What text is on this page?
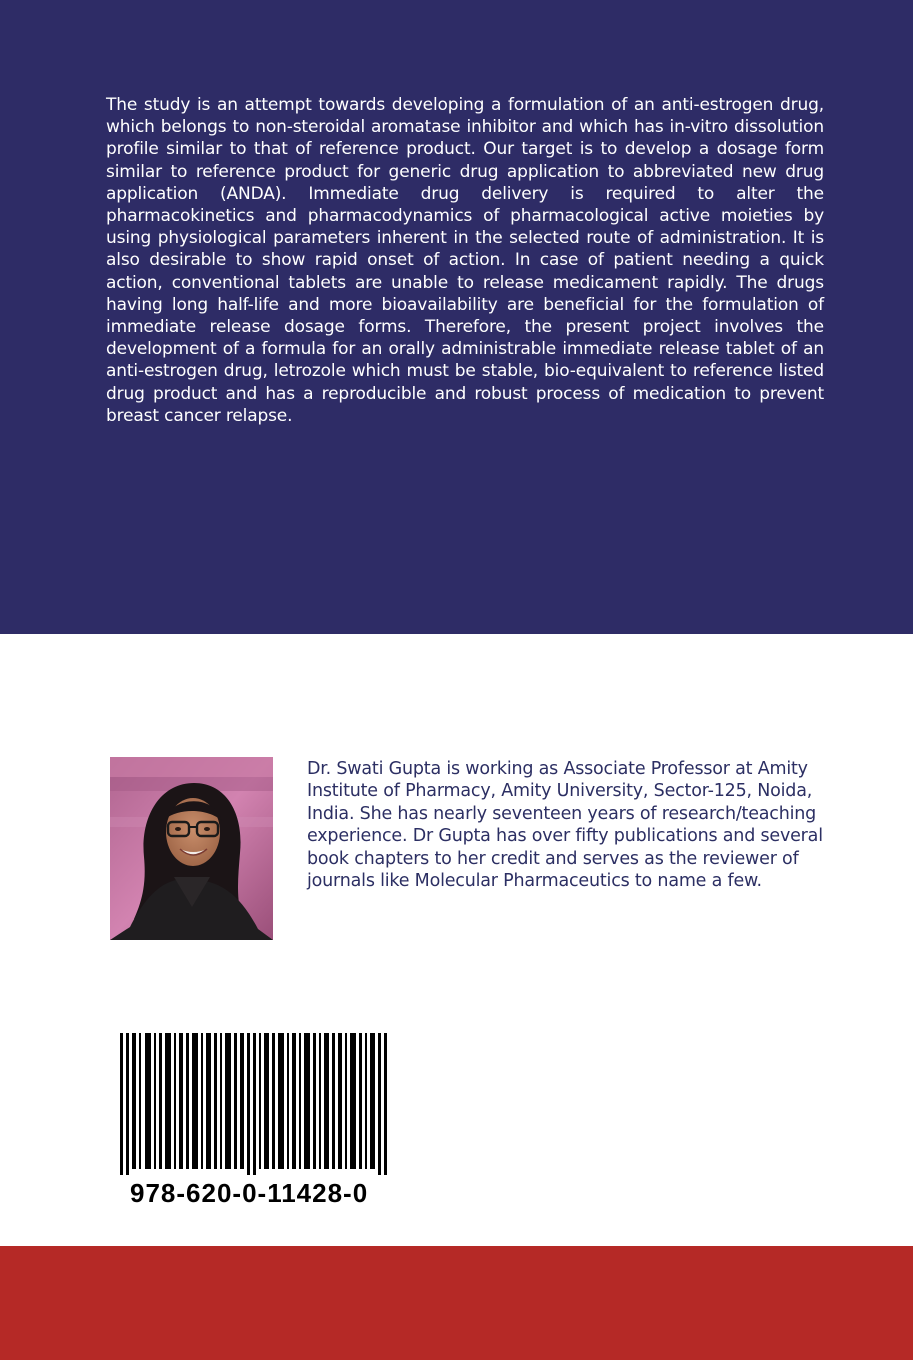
The study is an attempt towards developing a formulation of an anti-estrogen drug, which belongs to non-steroidal aromatase inhibitor and which has in-vitro dissolution profile similar to that of reference product. Our target is to develop a dosage form similar to reference product for generic drug application to abbreviated new drug application (ANDA). Immediate drug delivery is required to alter the pharmacokinetics and pharmacodynamics of pharmacological active moieties by using physiological parameters inherent in the selected route of administration. It is also desirable to show rapid onset of action. In case of patient needing a quick action, conventional tablets are unable to release medicament rapidly. The drugs having long half-life and more bioavailability are beneficial for the formulation of immediate release dosage forms. Therefore, the present project involves the development of a formula for an orally administrable immediate release tablet of an anti-estrogen drug, letrozole which must be stable, bio-equivalent to reference listed drug product and has a reproducible and robust process of medication to prevent breast cancer relapse.

Dr. Swati Gupta is working as Associate Professor at Amity Institute of Pharmacy, Amity University, Sector-125, Noida, India. She has nearly seventeen years of research/teaching experience. Dr Gupta has over fifty publications and several book chapters to her credit and serves as the reviewer of journals like Molecular Pharmaceutics to name a few.

978-620-0-11428-0
